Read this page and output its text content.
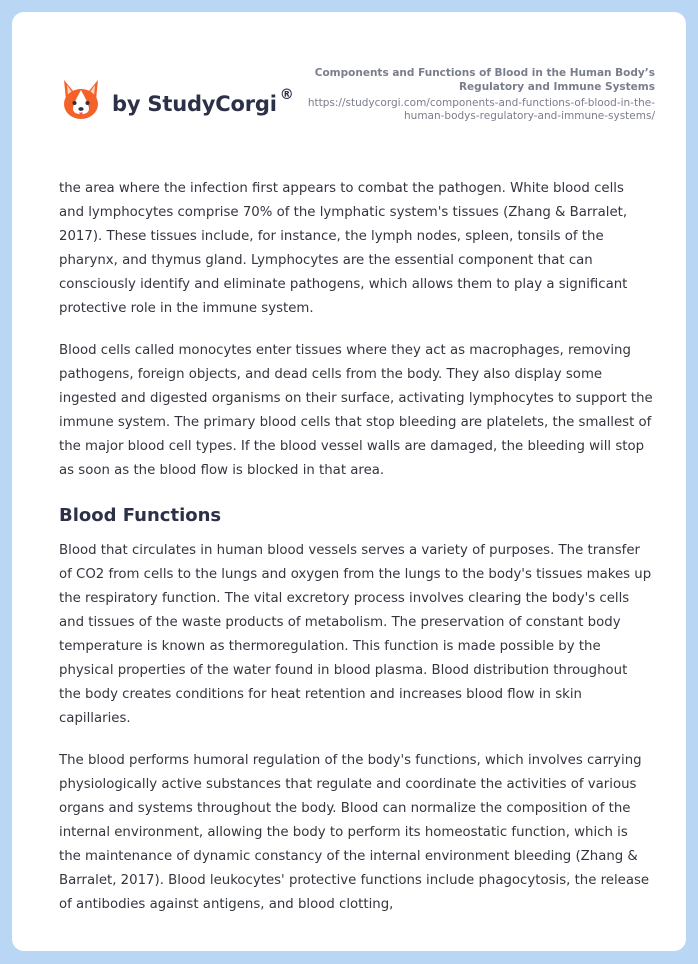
by StudyCorgi ®
Components and Functions of Blood in the Human Body’s Regulatory and Immune Systems
https://studycorgi.com/components-and-functions-of-blood-in-the-human-bodys-regulatory-and-immune-systems/

the area where the infection first appears to combat the pathogen. White blood cells and lymphocytes comprise 70% of the lymphatic system's tissues (Zhang & Barralet, 2017). These tissues include, for instance, the lymph nodes, spleen, tonsils of the pharynx, and thymus gland. Lymphocytes are the essential component that can consciously identify and eliminate pathogens, which allows them to play a significant protective role in the immune system.

Blood cells called monocytes enter tissues where they act as macrophages, removing pathogens, foreign objects, and dead cells from the body. They also display some ingested and digested organisms on their surface, activating lymphocytes to support the immune system. The primary blood cells that stop bleeding are platelets, the smallest of the major blood cell types. If the blood vessel walls are damaged, the bleeding will stop as soon as the blood flow is blocked in that area.

Blood Functions

Blood that circulates in human blood vessels serves a variety of purposes. The transfer of CO2 from cells to the lungs and oxygen from the lungs to the body's tissues makes up the respiratory function. The vital excretory process involves clearing the body's cells and tissues of the waste products of metabolism. The preservation of constant body temperature is known as thermoregulation. This function is made possible by the physical properties of the water found in blood plasma. Blood distribution throughout the body creates conditions for heat retention and increases blood flow in skin capillaries.

The blood performs humoral regulation of the body's functions, which involves carrying physiologically active substances that regulate and coordinate the activities of various organs and systems throughout the body. Blood can normalize the composition of the internal environment, allowing the body to perform its homeostatic function, which is the maintenance of dynamic constancy of the internal environment bleeding (Zhang & Barralet, 2017). Blood leukocytes' protective functions include phagocytosis, the release of antibodies against antigens, and blood clotting,
